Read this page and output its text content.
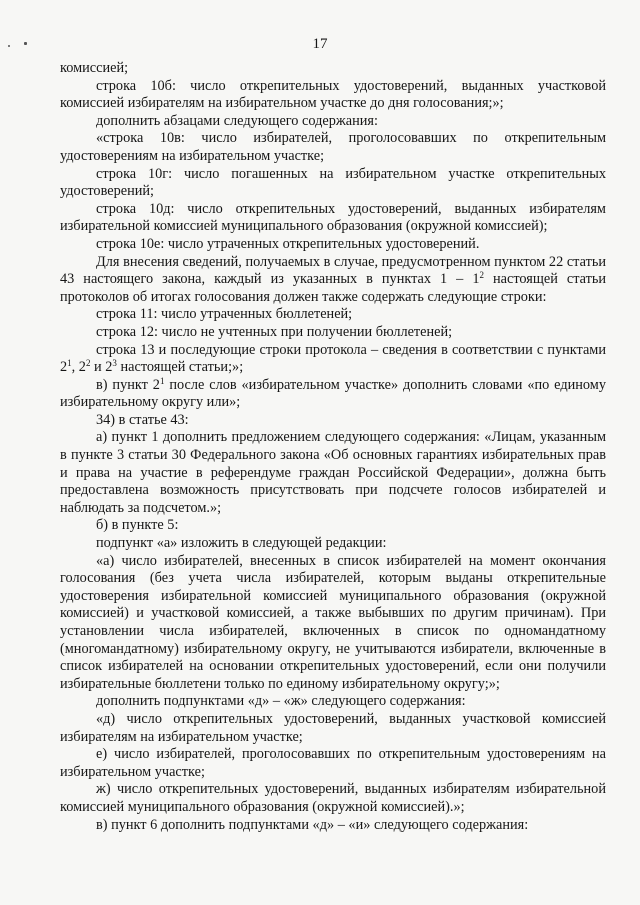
17

комиссией;

строка 10б: число открепительных удостоверений, выданных участковой комиссией избирателям на избирательном участке до дня голосования;»;

дополнить абзацами следующего содержания:

«строка 10в: число избирателей, проголосовавших по открепительным удостоверениям на избирательном участке;

строка 10г: число погашенных на избирательном участке открепительных удостоверений;

строка 10д: число открепительных удостоверений, выданных избирателям избирательной комиссией муниципального образования (окружной комиссией);

строка 10е: число утраченных открепительных удостоверений.

Для внесения сведений, получаемых в случае, предусмотренном пунктом 22 статьи 43 настоящего закона, каждый из указанных в пунктах $1 - 1^2$ настоящей статьи протоколов об итогах голосования должен также содержать следующие строки:

строка 11: число утраченных бюллетеней;

строка 12: число не учтенных при получении бюллетеней;

строка 13 и последующие строки протокола – сведения в соответствии с пунктами $2^1$, $2^2$ и $2^3$ настоящей статьи;»;

в) пункт $2^1$ после слов «избирательном участке» дополнить словами «по единому избирательному округу или»;

34) в статье 43:

а) пункт 1 дополнить предложением следующего содержания: «Лицам, указанным в пункте 3 статьи 30 Федерального закона «Об основных гарантиях избирательных прав и права на участие в референдуме граждан Российской Федерации», должна быть предоставлена возможность присутствовать при подсчете голосов избирателей и наблюдать за подсчетом.»;

б) в пункте 5:

подпункт «а» изложить в следующей редакции:

«а) число избирателей, внесенных в список избирателей на момент окончания голосования (без учета числа избирателей, которым выданы открепительные удостоверения избирательной комиссией муниципального образования (окружной комиссией) и участковой комиссией, а также выбывших по другим причинам). При установлении числа избирателей, включенных в список по одномандатному (многомандатному) избирательному округу, не учитываются избиратели, включенные в список избирателей на основании открепительных удостоверений, если они получили избирательные бюллетени только по единому избирательному округу;»;

дополнить подпунктами «д» – «ж» следующего содержания:

«д) число открепительных удостоверений, выданных участковой комиссией избирателям на избирательном участке;

е) число избирателей, проголосовавших по открепительным удостоверениям на избирательном участке;

ж) число открепительных удостоверений, выданных избирателям избирательной комиссией муниципального образования (окружной комиссией).»;

в) пункт 6 дополнить подпунктами «д» – «и» следующего содержания:
